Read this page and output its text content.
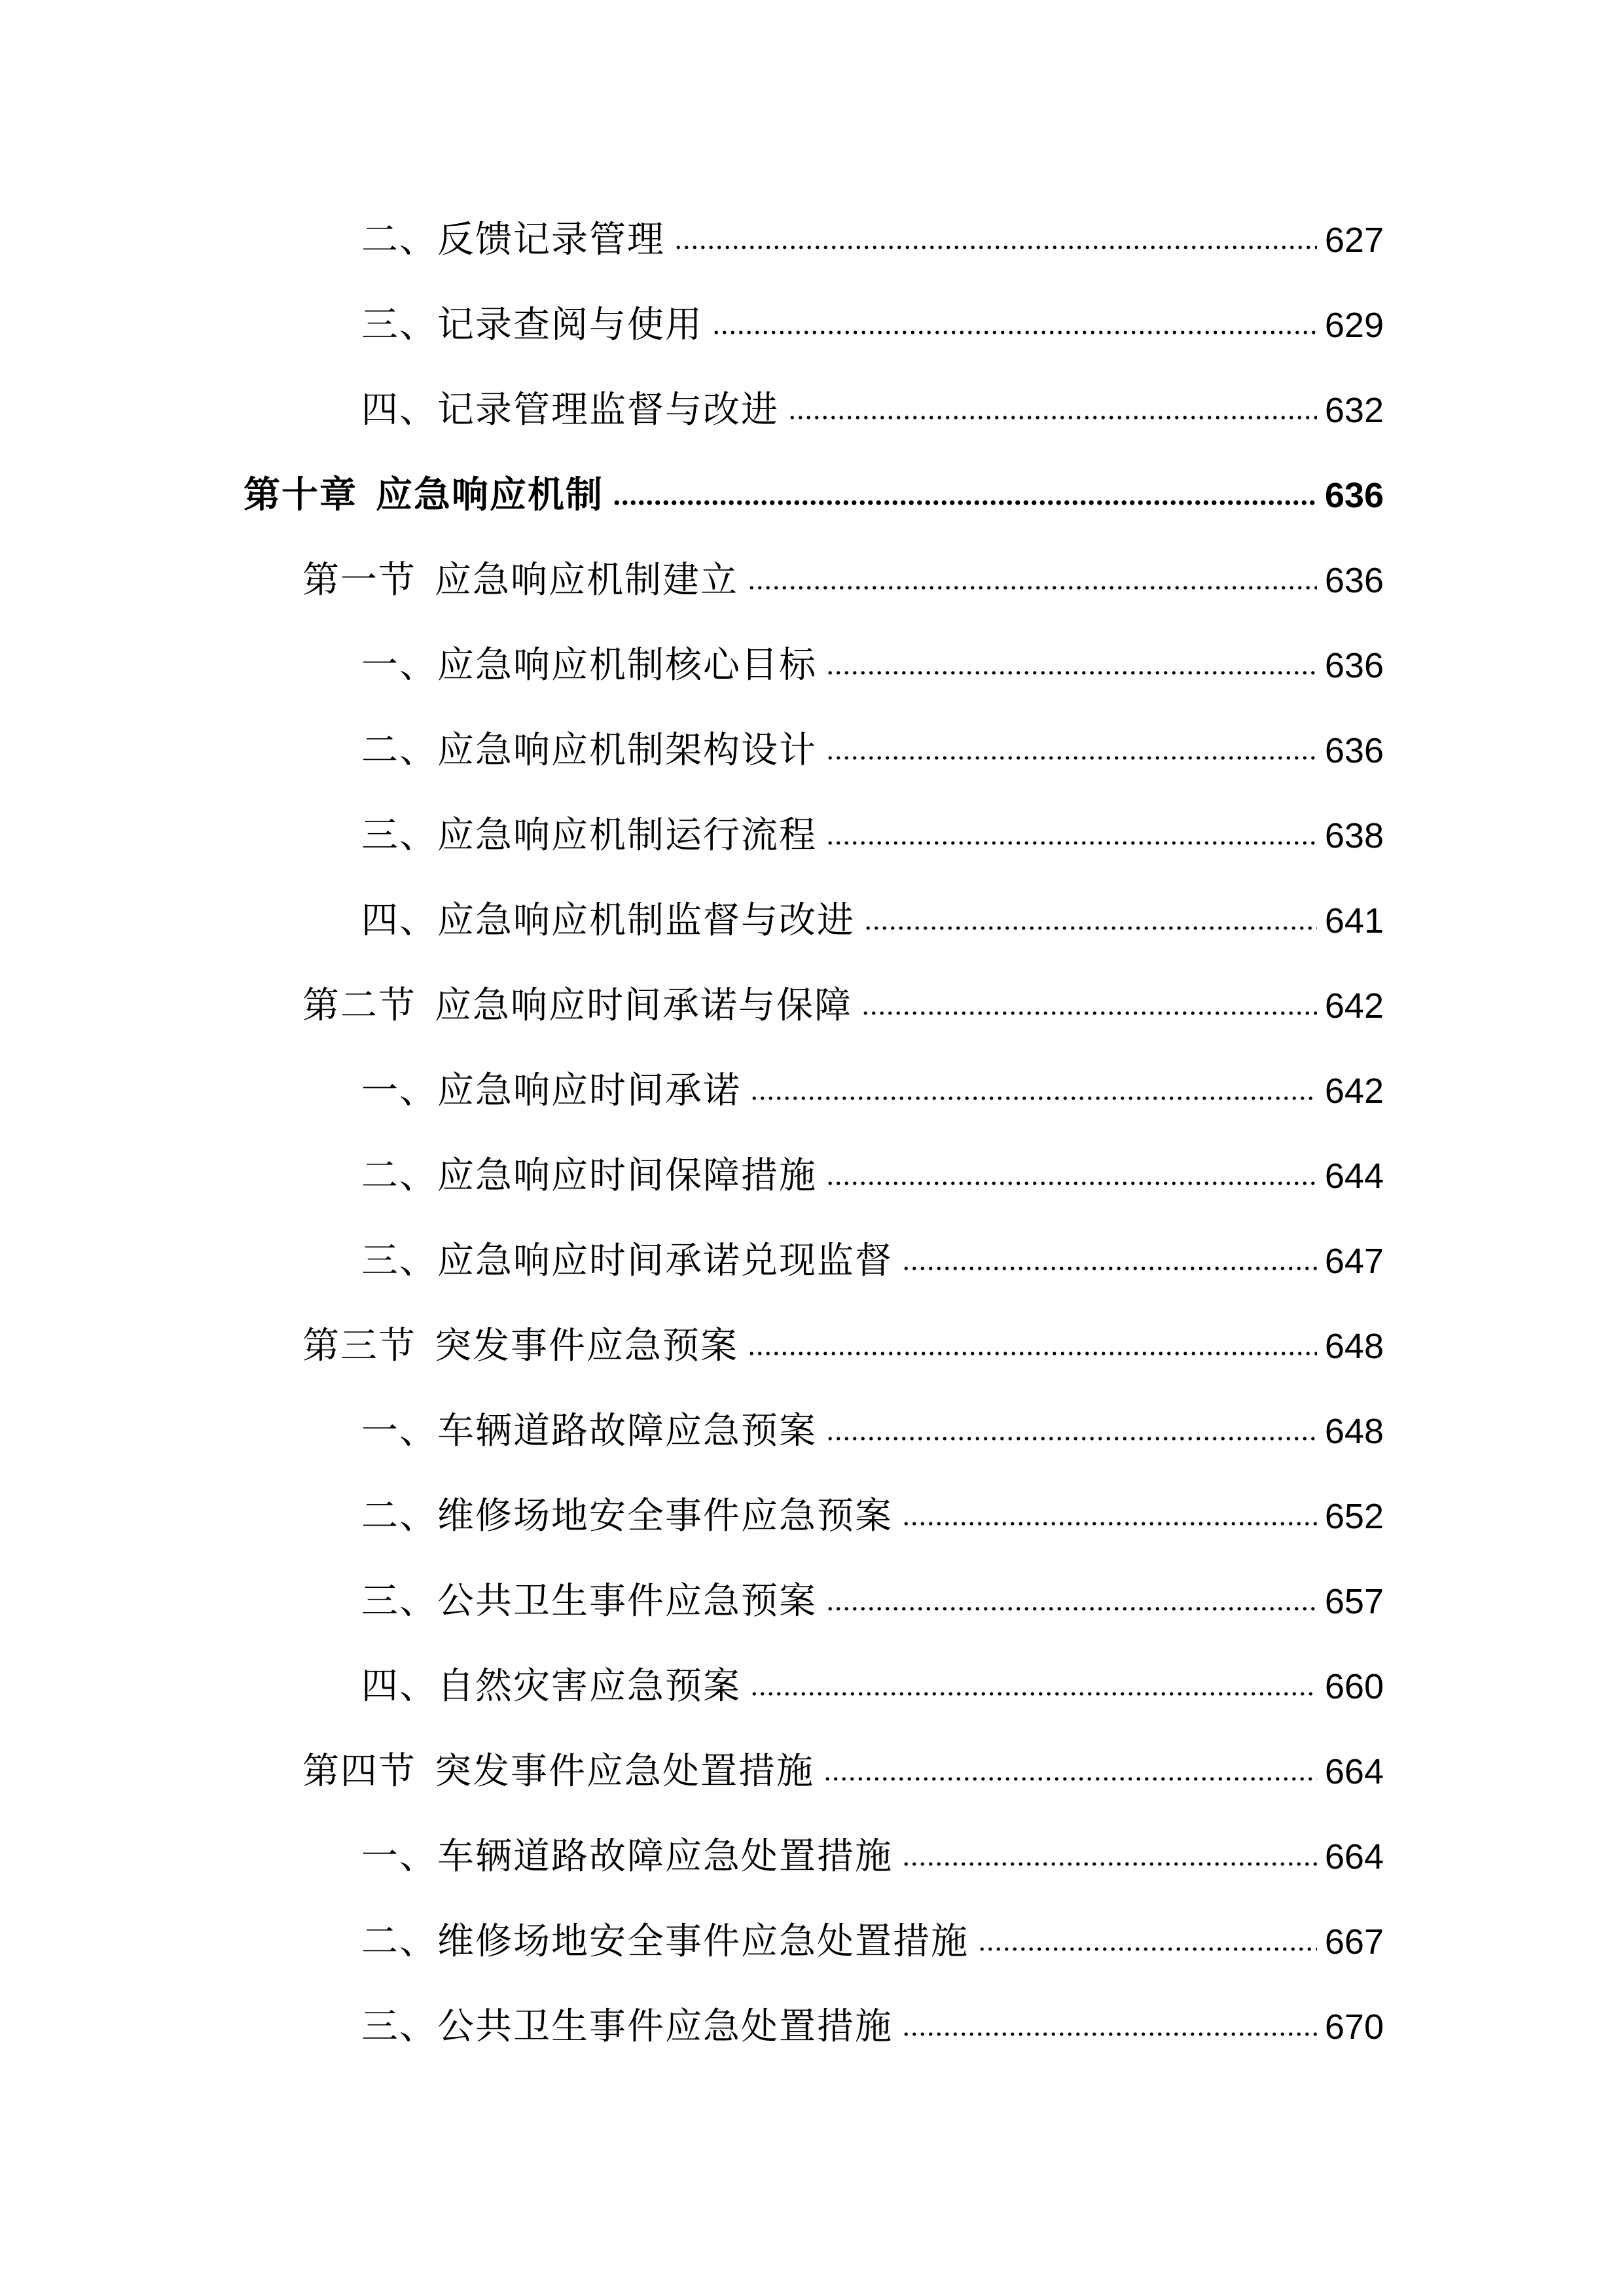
二、反馈记录管理	627
三、记录查阅与使用	629
四、记录管理监督与改进	632
第十章 应急响应机制	636
第一节 应急响应机制建立	636
一、应急响应机制核心目标	636
二、应急响应机制架构设计	636
三、应急响应机制运行流程	638
四、应急响应机制监督与改进	641
第二节 应急响应时间承诺与保障	642
一、应急响应时间承诺	642
二、应急响应时间保障措施	644
三、应急响应时间承诺兑现监督	647
第三节 突发事件应急预案	648
一、车辆道路故障应急预案	648
二、维修场地安全事件应急预案	652
三、公共卫生事件应急预案	657
四、自然灾害应急预案	660
第四节 突发事件应急处置措施	664
一、车辆道路故障应急处置措施	664
二、维修场地安全事件应急处置措施	667
三、公共卫生事件应急处置措施	670
